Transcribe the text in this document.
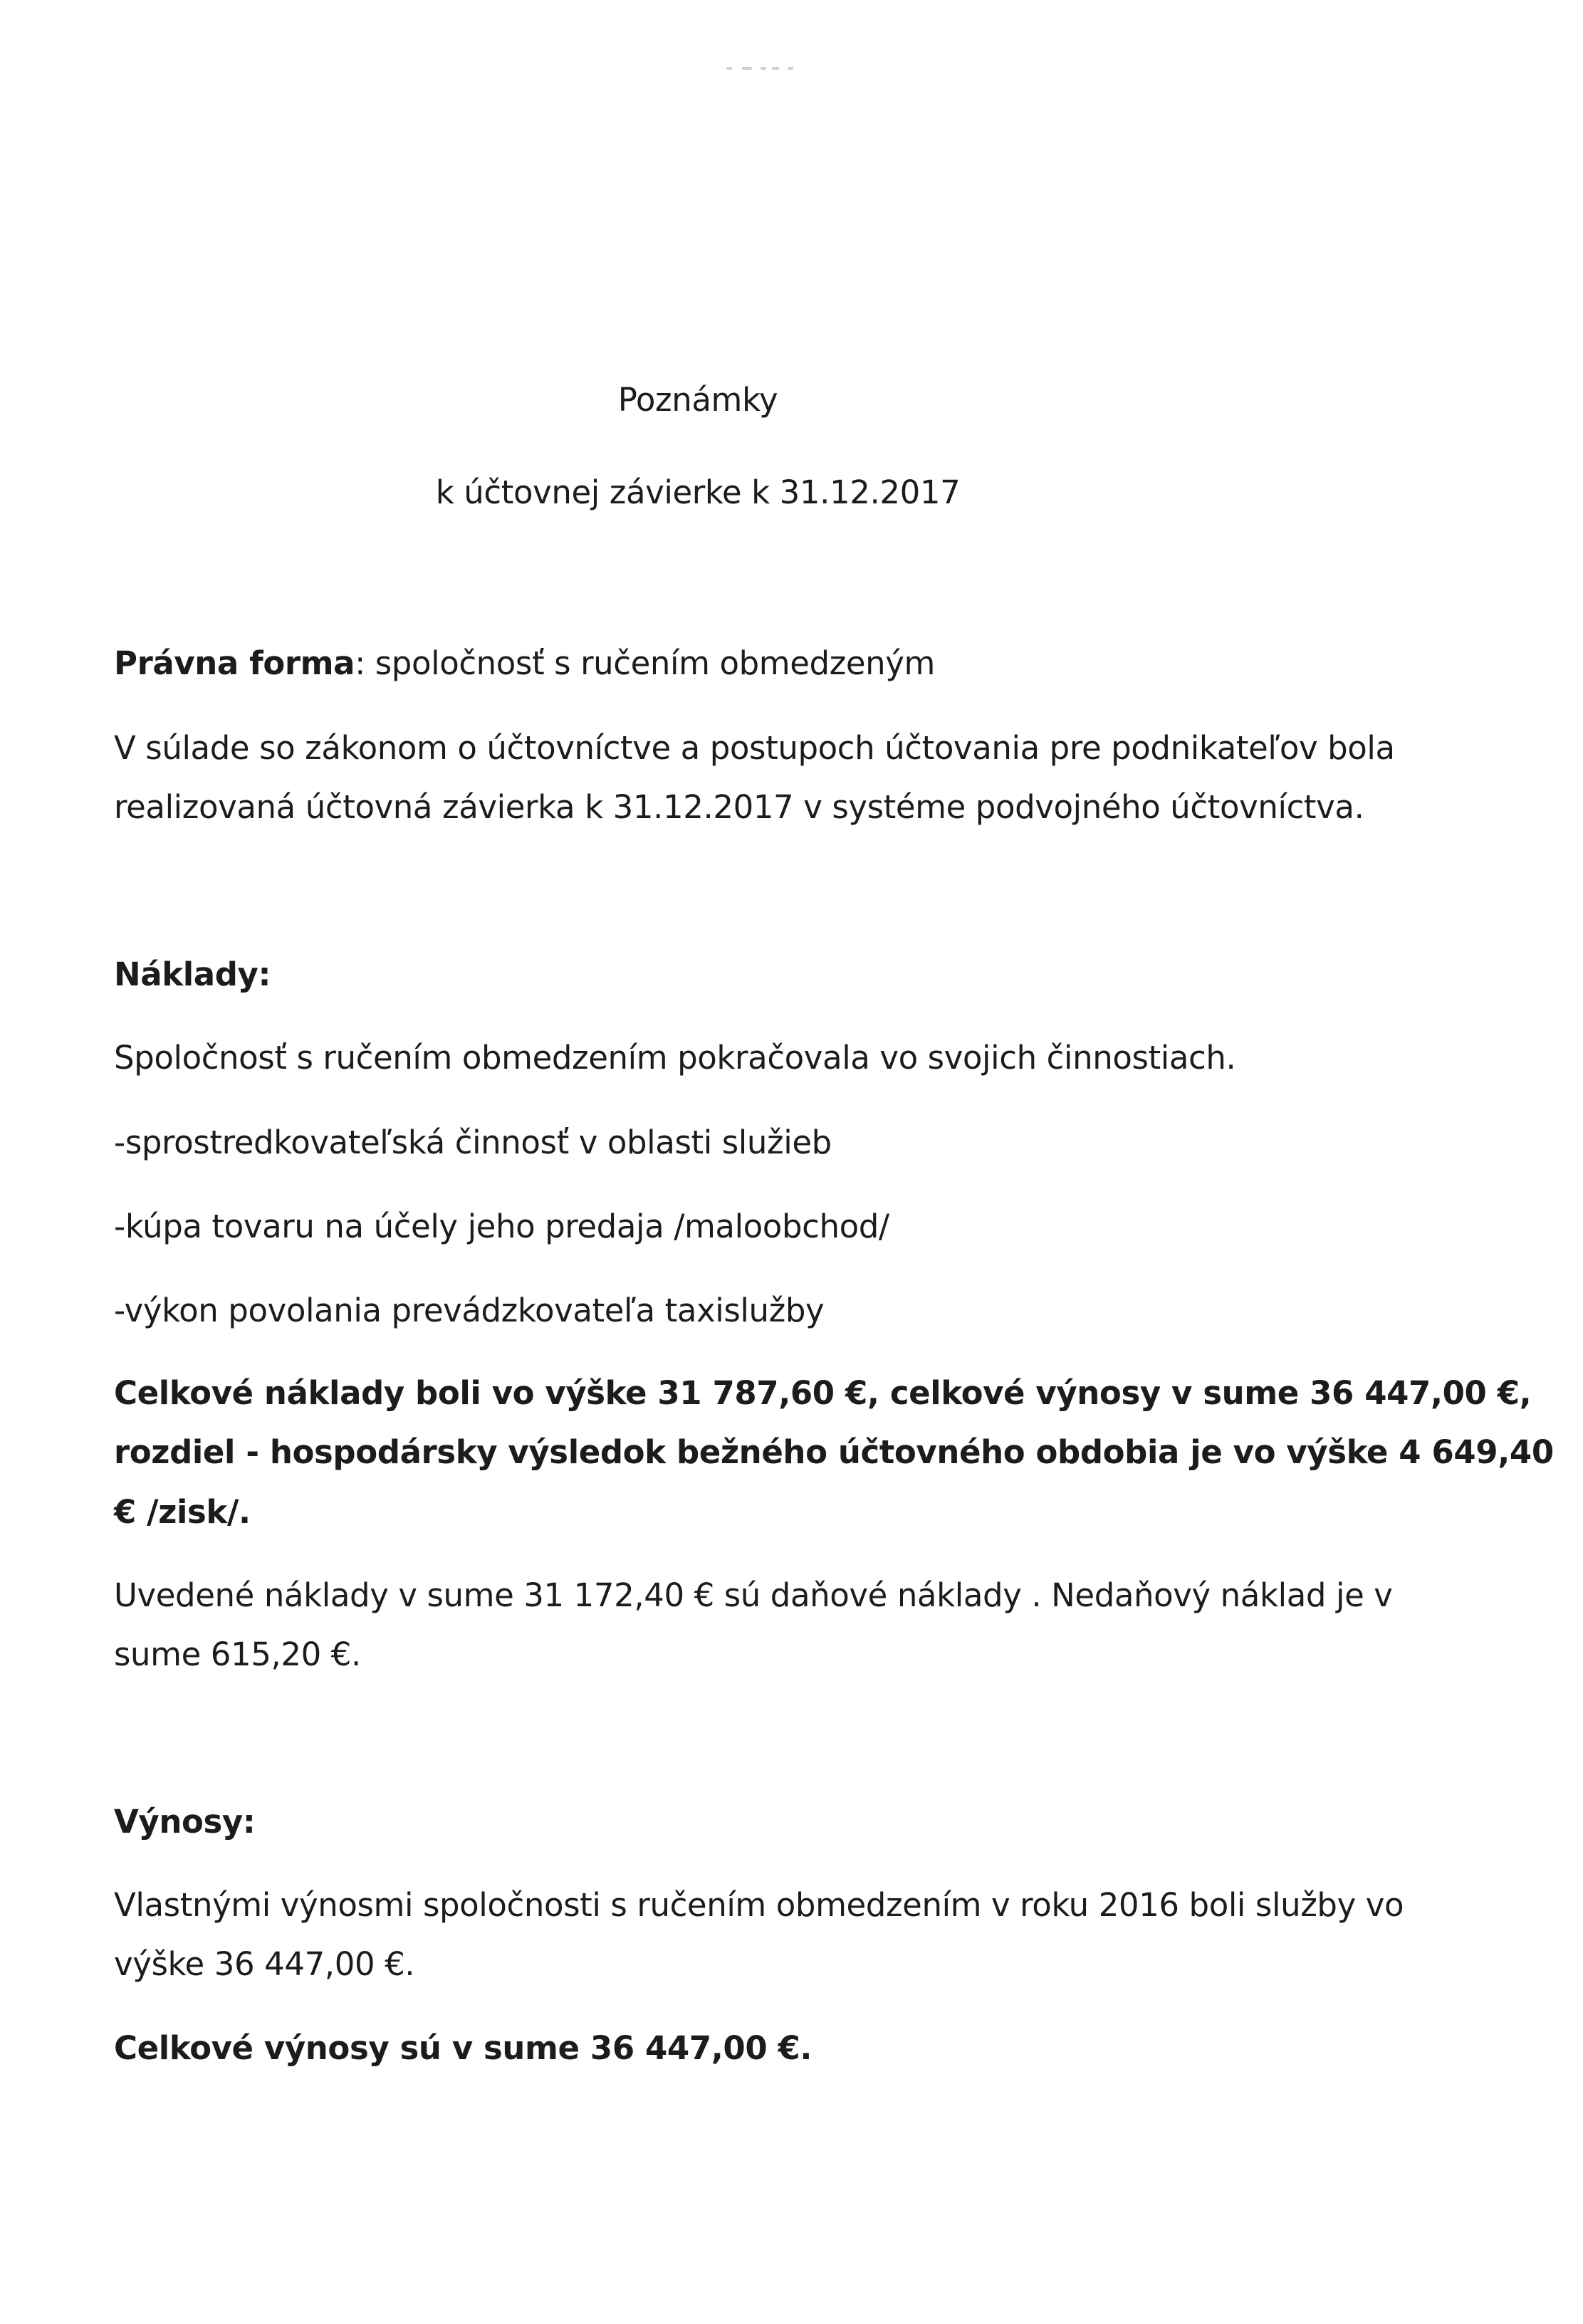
Poznámky

k účtovnej závierke k 31.12.2017

Právna forma: spoločnosť s ručením obmedzeným

V súlade so zákonom o účtovníctve a postupoch účtovania pre podnikateľov bola

realizovaná účtovná závierka k 31.12.2017 v systéme podvojného účtovníctva.

Náklady:

Spoločnosť s ručením obmedzením pokračovala vo svojich činnostiach.

-sprostredkovateľská činnosť v oblasti služieb

-kúpa tovaru na účely jeho predaja /maloobchod/

-výkon povolania prevádzkovateľa taxislužby

Celkové náklady boli vo výške 31 787,60 €, celkové výnosy v sume 36 447,00 €,

rozdiel - hospodársky výsledok bežného účtovného obdobia je vo výške 4 649,40

€ /zisk/.

Uvedené náklady v sume 31 172,40 € sú daňové náklady . Nedaňový náklad je v

sume 615,20 €.

Výnosy:

Vlastnými výnosmi spoločnosti s ručením obmedzením v roku 2016 boli služby vo

výške 36 447,00 €.

Celkové výnosy sú v sume 36 447,00 €.
